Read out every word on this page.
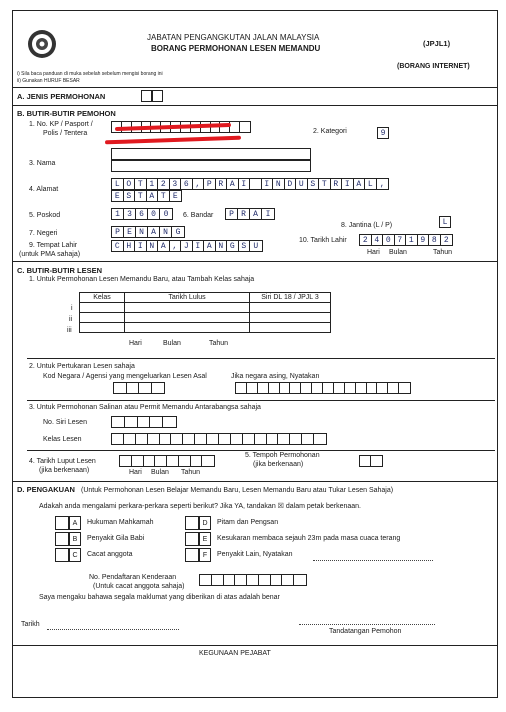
JABATAN PENGANGKUTAN JALAN MALAYSIA
BORANG PERMOHONAN LESEN MEMANDU
(JPJL1)
(BORANG INTERNET)
i) Sila baca panduan di muka sebelah sebelum mengisi borang ini
ii) Gunakan HURUF BESAR
A. JENIS PERMOHONAN
B. BUTIR-BUTIR PEMOHON
1. No. KP / Pasport /
Polis / Tentera	2. Kategori	9
3. Nama
4. Alamat
L O T 1 2 3 6 , P R A I	I N D U S T R I A L ,
E S T A T E
5. Poskod	1 3 6 0 0	6. Bandar	P R A I
7. Negeri	P E N A N G
8. Jantina (L / P)	L
9. Tempat Lahir
(untuk PMA sahaja)
C H I N A , J I A N G S U
10. Tarikh Lahir	2 4 0 7 1 9 8 2
Hari Bulan	Tahun
C. BUTIR-BUTIR LESEN
1. Untuk Permohonan Lesen Memandu Baru, atau Tambah Kelas sahaja
Kelas	Tarikh Lulus	Siri DL 18 / JPJL 3

i
ii
iii
Hari	Bulan	Tahun
2. Untuk Pertukaran Lesen sahaja
Kod Negara / Agensi yang mengeluarkan Lesen Asal	Jika negara asing, Nyatakan
3. Untuk Permohonan Salinan atau Permit Memandu Antarabangsa sahaja
No. Siri Lesen
Kelas Lesen
4. Tarikh Luput Lesen
(jika berkenaan)
5. Tempoh Permohonan
(jika berkenaan)
Hari Bulan Tahun
D. PENGAKUAN (Untuk Permohonan Lesen Belajar Memandu Baru, Lesen Memandu Baru atau Tukar Lesen Sahaja)
Adakah anda mengalami perkara-perkara seperti berikut? Jika YA, tandakan ☒ dalam petak berkenaan.
A	Hukuman Mahkamah
B	Penyakit Gila Babi
C	Cacat anggota
D	Pitam dan Pengsan
E	Kesukaran membaca sejauh 23m pada masa cuaca terang
F	Penyakit Lain, Nyatakan
No. Pendaftaran Kenderaan
(Untuk cacat anggota sahaja)
Saya mengaku bahawa segala maklumat yang diberikan di atas adalah benar
Tarikh
Tandatangan Pemohon
KEGUNAAN PEJABAT
